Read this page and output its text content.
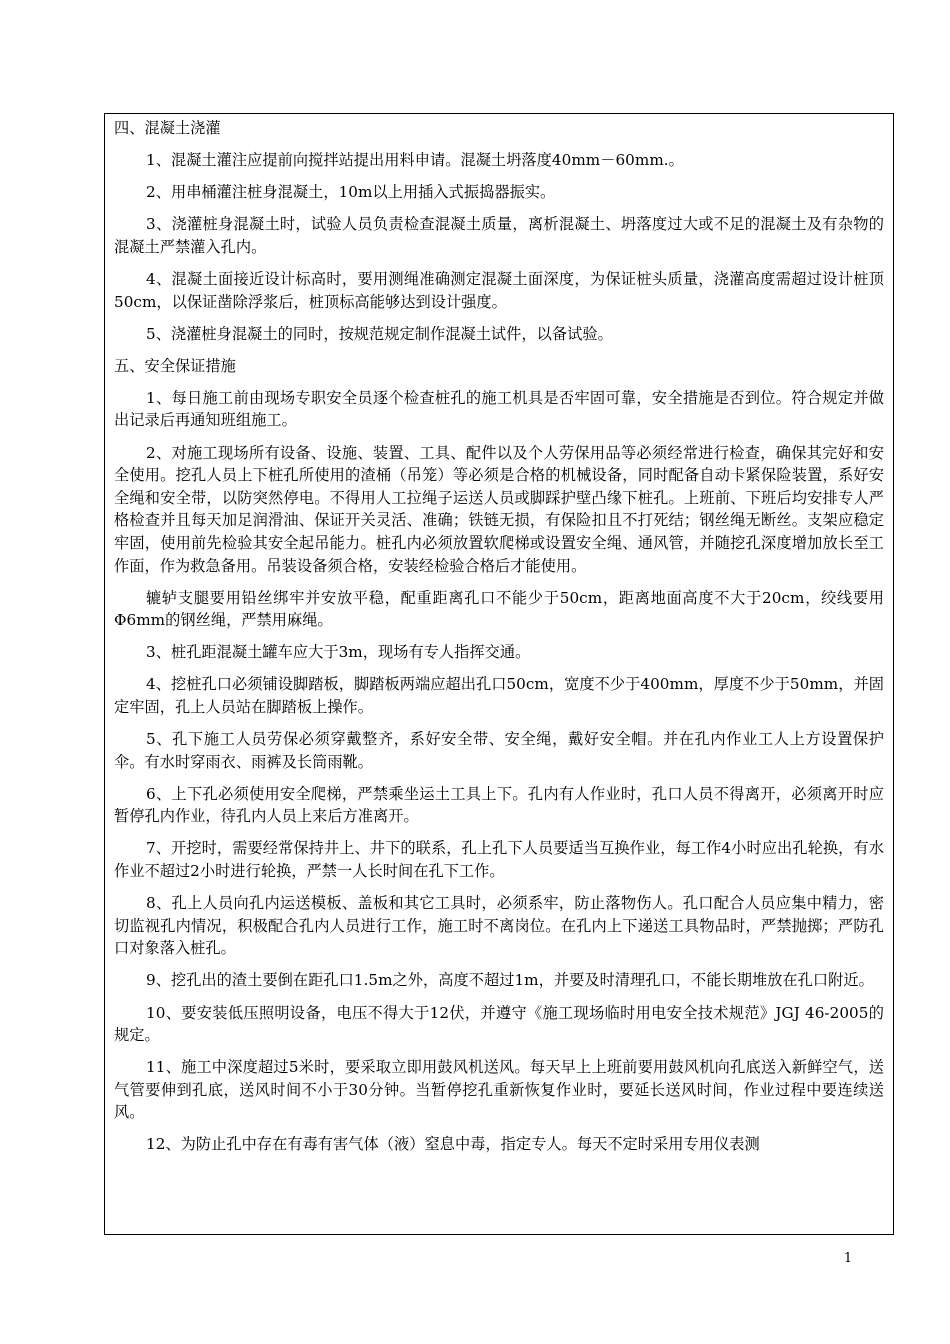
四、混凝土浇灌

1、混凝土灌注应提前向搅拌站提出用料申请。混凝土坍落度40mm－60mm.。

2、用串桶灌注桩身混凝土，10m以上用插入式振捣器振实。

3、浇灌桩身混凝土时，试验人员负责检查混凝土质量，离析混凝土、坍落度过大或不足的混凝土及有杂物的混凝土严禁灌入孔内。

4、混凝土面接近设计标高时，要用测绳准确测定混凝土面深度，为保证桩头质量，浇灌高度需超过设计桩顶50cm，以保证凿除浮浆后，桩顶标高能够达到设计强度。

5、浇灌桩身混凝土的同时，按规范规定制作混凝土试件，以备试验。

五、安全保证措施

1、每日施工前由现场专职安全员逐个检查桩孔的施工机具是否牢固可靠，安全措施是否到位。符合规定并做出记录后再通知班组施工。

2、对施工现场所有设备、设施、装置、工具、配件以及个人劳保用品等必须经常进行检查，确保其完好和安全使用。挖孔人员上下桩孔所使用的渣桶（吊笼）等必须是合格的机械设备，同时配备自动卡紧保险装置，系好安全绳和安全带，以防突然停电。不得用人工拉绳子运送人员或脚踩护壁凸缘下桩孔。上班前、下班后均安排专人严格检查并且每天加足润滑油、保证开关灵活、准确；铁链无损，有保险扣且不打死结；钢丝绳无断丝。支架应稳定牢固，使用前先检验其安全起吊能力。桩孔内必须放置软爬梯或设置安全绳、通风管，并随挖孔深度增加放长至工作面，作为救急备用。吊装设备须合格，安装经检验合格后才能使用。

辘轳支腿要用铅丝绑牢并安放平稳，配重距离孔口不能少于50cm，距离地面高度不大于20cm，绞线要用Φ6mm的钢丝绳，严禁用麻绳。

3、桩孔距混凝土罐车应大于3m，现场有专人指挥交通。

4、挖桩孔口必须铺设脚踏板，脚踏板两端应超出孔口50cm，宽度不少于400mm，厚度不少于50mm，并固定牢固，孔上人员站在脚踏板上操作。

5、孔下施工人员劳保必须穿戴整齐，系好安全带、安全绳，戴好安全帽。并在孔内作业工人上方设置保护伞。有水时穿雨衣、雨裤及长筒雨靴。

6、上下孔必须使用安全爬梯，严禁乘坐运土工具上下。孔内有人作业时，孔口人员不得离开，必须离开时应暂停孔内作业，待孔内人员上来后方准离开。

7、开挖时，需要经常保持井上、井下的联系，孔上孔下人员要适当互换作业，每工作4小时应出孔轮换，有水作业不超过2小时进行轮换，严禁一人长时间在孔下工作。

8、孔上人员向孔内运送模板、盖板和其它工具时，必须系牢，防止落物伤人。孔口配合人员应集中精力，密切监视孔内情况，积极配合孔内人员进行工作，施工时不离岗位。在孔内上下递送工具物品时，严禁抛掷；严防孔口对象落入桩孔。

9、挖孔出的渣土要倒在距孔口1.5m之外，高度不超过1m，并要及时清理孔口，不能长期堆放在孔口附近。

10、要安装低压照明设备，电压不得大于12伏，并遵守《施工现场临时用电安全技术规范》JGJ 46-2005的规定。

11、施工中深度超过5米时，要采取立即用鼓风机送风。每天早上上班前要用鼓风机向孔底送入新鲜空气，送气管要伸到孔底，送风时间不小于30分钟。当暂停挖孔重新恢复作业时，要延长送风时间，作业过程中要连续送风。

12、为防止孔中存在有毒有害气体（液）窒息中毒，指定专人。每天不定时采用专用仪表测

1
